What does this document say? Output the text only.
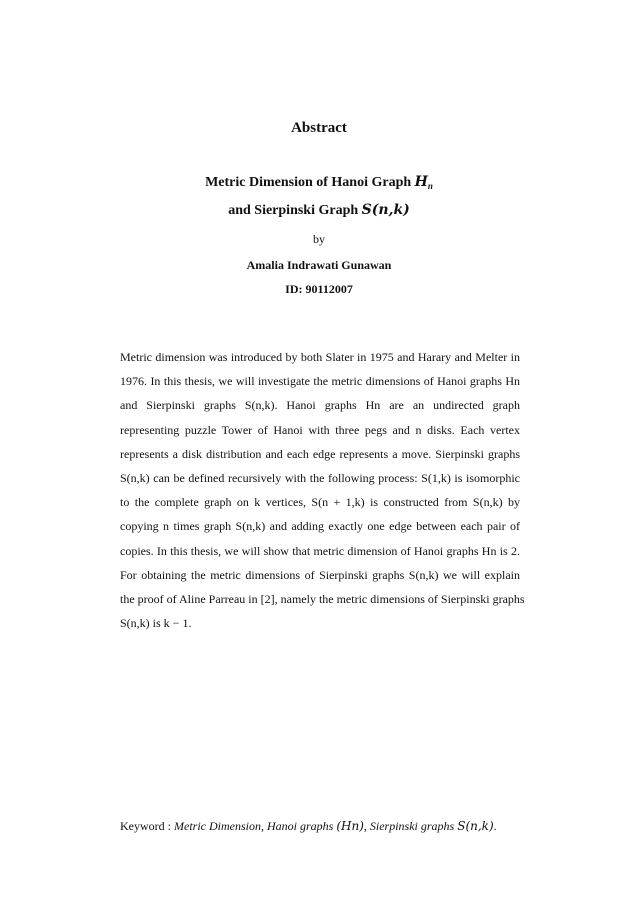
Abstract
Metric Dimension of Hanoi Graph $H_n$
and Sierpinski Graph S(n,k)
by
Amalia Indrawati Gunawan
ID: 90112007
Metric dimension was introduced by both Slater in 1975 and Harary and Melter in
1976. In this thesis, we will investigate the metric dimensions of Hanoi graphs Hn
and Sierpinski graphs S(n,k). Hanoi graphs Hn are an undirected graph
representing puzzle Tower of Hanoi with three pegs and n disks. Each vertex
represents a disk distribution and each edge represents a move. Sierpinski graphs
S(n,k) can be defined recursively with the following process: S(1,k) is isomorphic
to the complete graph on k vertices, S(n + 1,k) is constructed from S(n,k) by
copying n times graph S(n,k) and adding exactly one edge between each pair of
copies. In this thesis, we will show that metric dimension of Hanoi graphs Hn is 2.
For obtaining the metric dimensions of Sierpinski graphs S(n,k) we will explain
the proof of Aline Parreau in [2], namely the metric dimensions of Sierpinski graphs
S(n,k) is k − 1.
Keyword : Metric Dimension, Hanoi graphs (Hn), Sierpinski graphs S(n,k).
